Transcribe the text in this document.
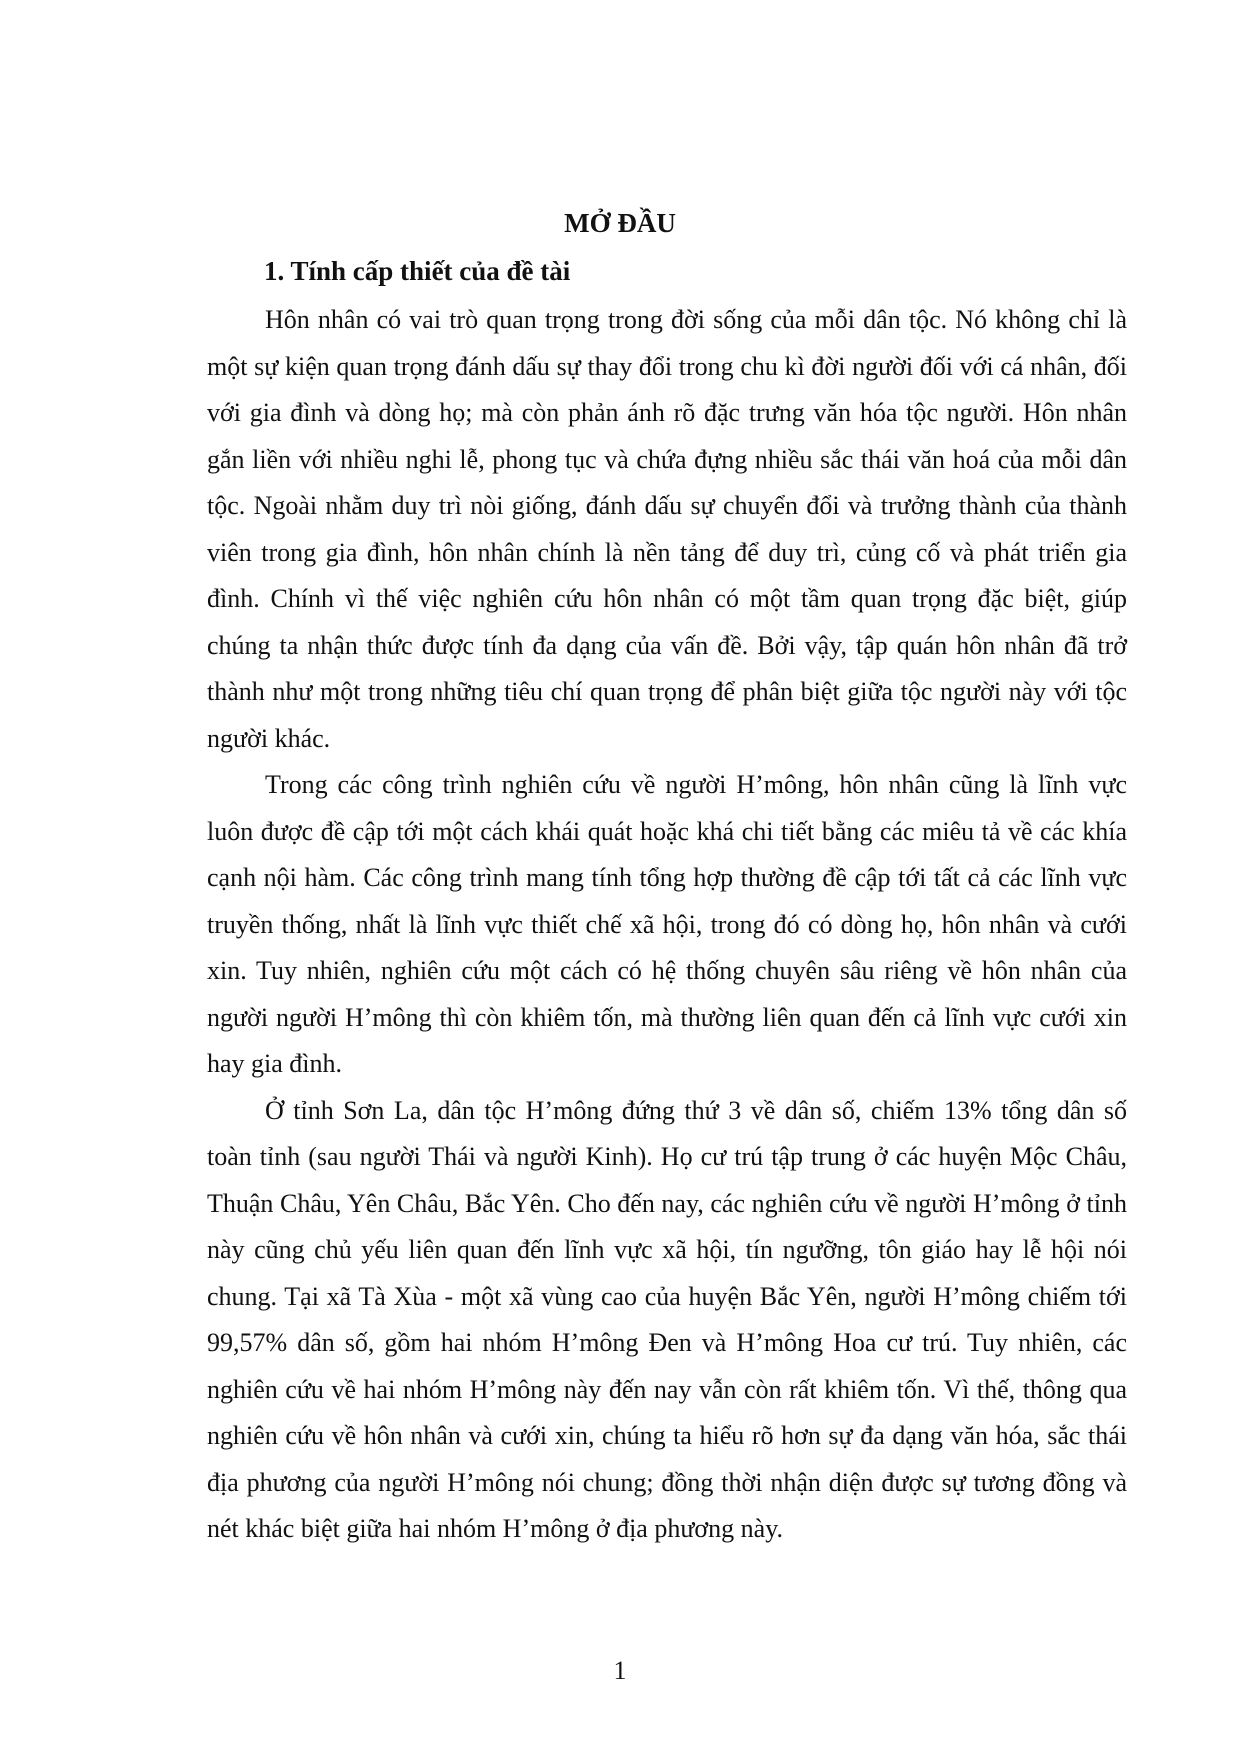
MỞ ĐẦU
1. Tính cấp thiết của đề tài

Hôn nhân có vai trò quan trọng trong đời sống của mỗi dân tộc. Nó không chỉ là một sự kiện quan trọng đánh dấu sự thay đổi trong chu kì đời người đối với cá nhân, đối với gia đình và dòng họ; mà còn phản ánh rõ đặc trưng văn hóa tộc người. Hôn nhân gắn liền với nhiều nghi lễ, phong tục và chứa đựng nhiều sắc thái văn hoá của mỗi dân tộc. Ngoài nhằm duy trì nòi giống, đánh dấu sự chuyển đổi và trưởng thành của thành viên trong gia đình, hôn nhân chính là nền tảng để duy trì, củng cố và phát triển gia đình. Chính vì thế việc nghiên cứu hôn nhân có một tầm quan trọng đặc biệt, giúp chúng ta nhận thức được tính đa dạng của vấn đề. Bởi vậy, tập quán hôn nhân đã trở thành như một trong những tiêu chí quan trọng để phân biệt giữa tộc người này với tộc người khác.

Trong các công trình nghiên cứu về người H’mông, hôn nhân cũng là lĩnh vực luôn được đề cập tới một cách khái quát hoặc khá chi tiết bằng các miêu tả về các khía cạnh nội hàm. Các công trình mang tính tổng hợp thường đề cập tới tất cả các lĩnh vực truyền thống, nhất là lĩnh vực thiết chế xã hội, trong đó có dòng họ, hôn nhân và cưới xin. Tuy nhiên, nghiên cứu một cách có hệ thống chuyên sâu riêng về hôn nhân của người người H’mông thì còn khiêm tốn, mà thường liên quan đến cả lĩnh vực cưới xin hay gia đình.

Ở tỉnh Sơn La, dân tộc H’mông đứng thứ 3 về dân số, chiếm 13% tổng dân số toàn tỉnh (sau người Thái và người Kinh). Họ cư trú tập trung ở các huyện Mộc Châu, Thuận Châu, Yên Châu, Bắc Yên. Cho đến nay, các nghiên cứu về người H’mông ở tỉnh này cũng chủ yếu liên quan đến lĩnh vực xã hội, tín ngưỡng, tôn giáo hay lễ hội nói chung. Tại xã Tà Xùa - một xã vùng cao của huyện Bắc Yên, người H’mông chiếm tới 99,57% dân số, gồm hai nhóm H’mông Đen và H’mông Hoa cư trú. Tuy nhiên, các nghiên cứu về hai nhóm H’mông này đến nay vẫn còn rất khiêm tốn. Vì thế, thông qua nghiên cứu về hôn nhân và cưới xin, chúng ta hiểu rõ hơn sự đa dạng văn hóa, sắc thái địa phương của người H’mông nói chung; đồng thời nhận diện được sự tương đồng và nét khác biệt giữa hai nhóm H’mông ở địa phương này.

1
